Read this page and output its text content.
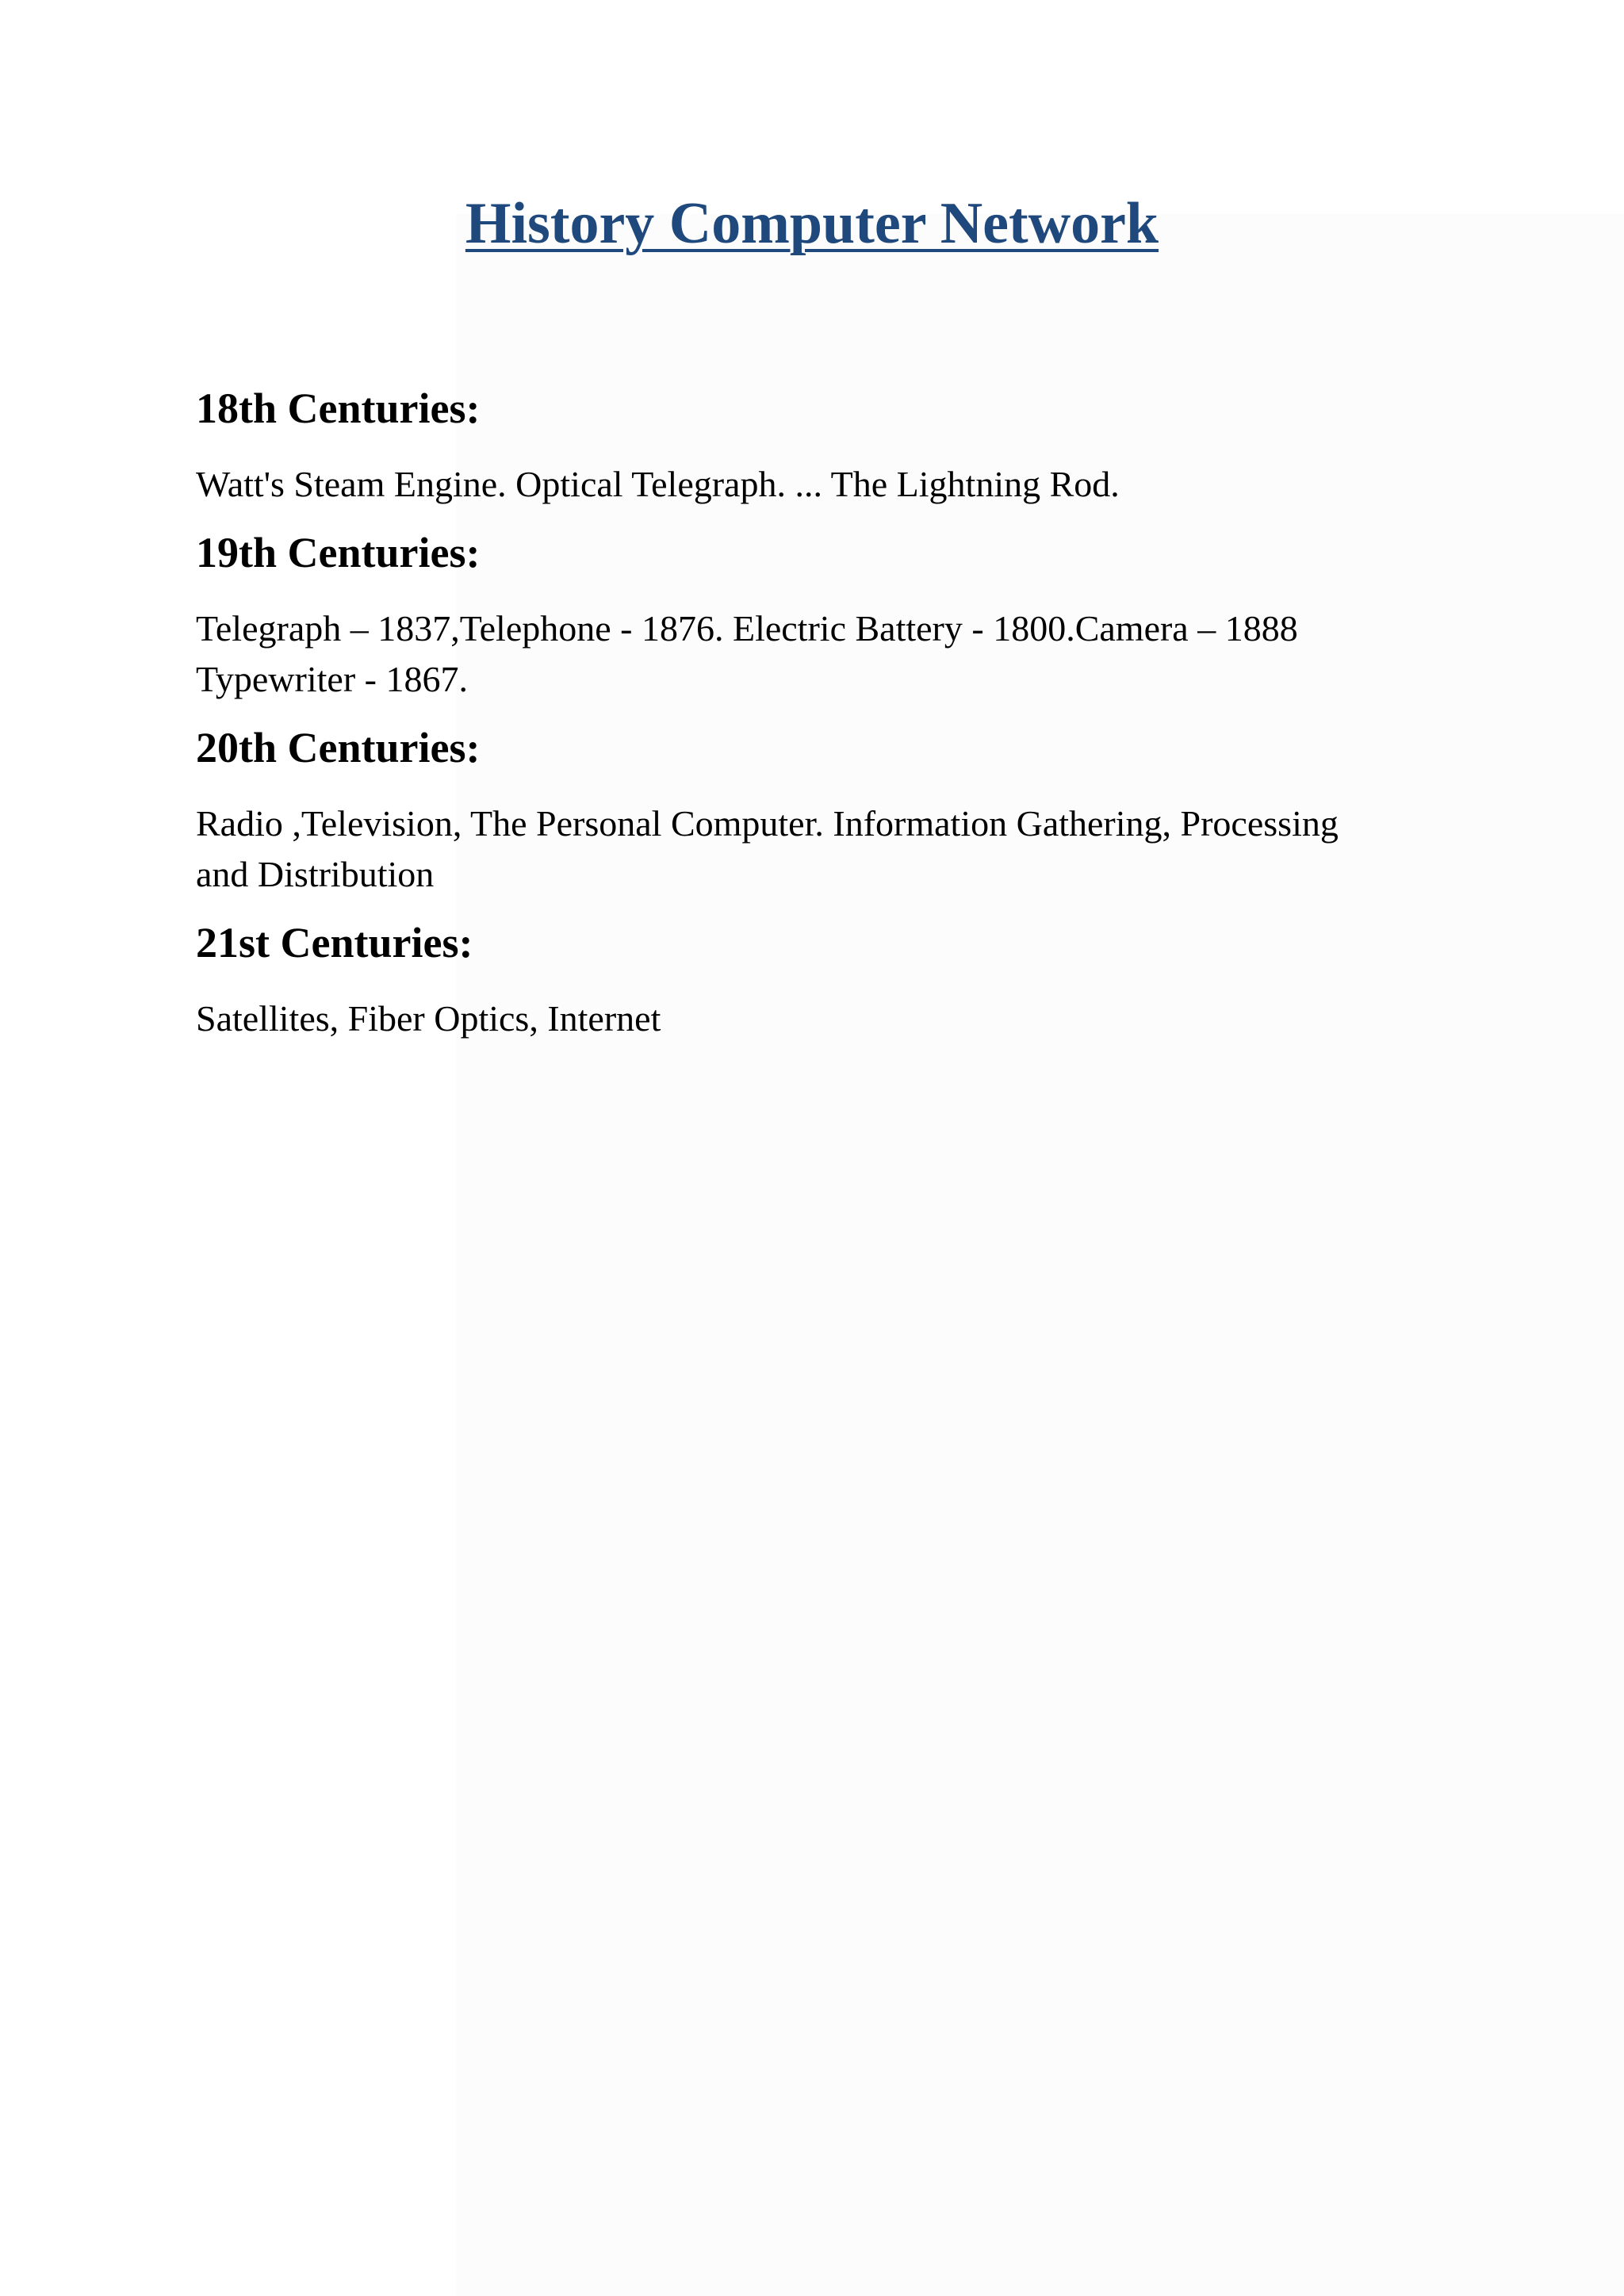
History Computer Network
18th Centuries:

Watt's Steam Engine. Optical Telegraph. ... The Lightning Rod.

19th Centuries:

Telegraph – 1837,Telephone - 1876. Electric Battery - 1800.Camera – 1888
Typewriter - 1867.

20th Centuries:

Radio ,Television, The Personal Computer. Information Gathering, Processing
and Distribution

21st Centuries:

Satellites, Fiber Optics, Internet
